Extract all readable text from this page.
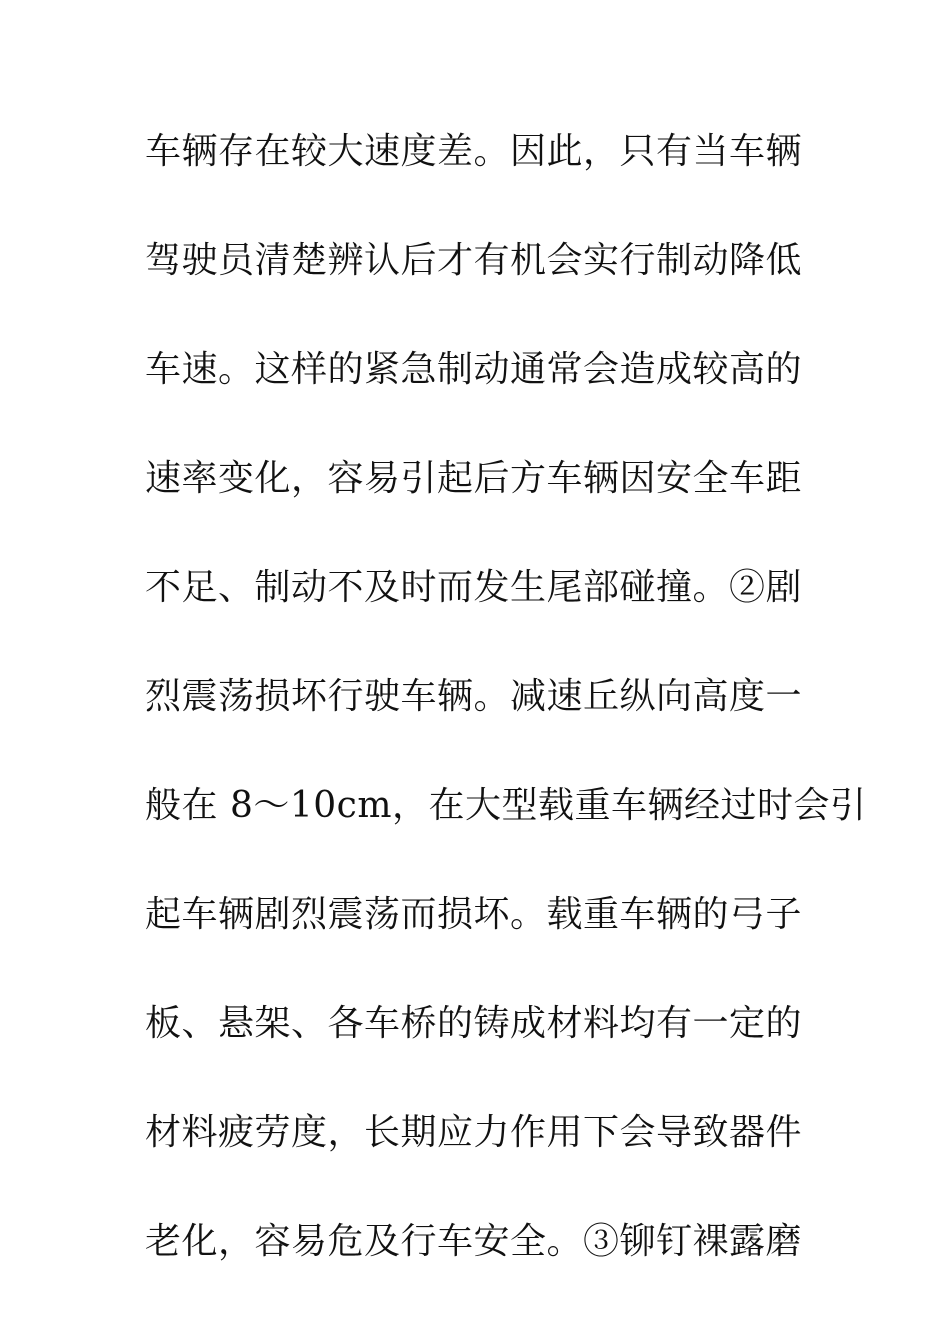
车辆存在较大速度差。因此，只有当车辆
驾驶员清楚辨认后才有机会实行制动降低
车速。这样的紧急制动通常会造成较高的
速率变化，容易引起后方车辆因安全车距
不足、制动不及时而发生尾部碰撞。②剧
烈震荡损坏行驶车辆。减速丘纵向高度一
般在 8～10cm，在大型载重车辆经过时会引
起车辆剧烈震荡而损坏。载重车辆的弓子
板、悬架、各车桥的铸成材料均有一定的
材料疲劳度，长期应力作用下会导致器件
老化，容易危及行车安全。③铆钉裸露磨
